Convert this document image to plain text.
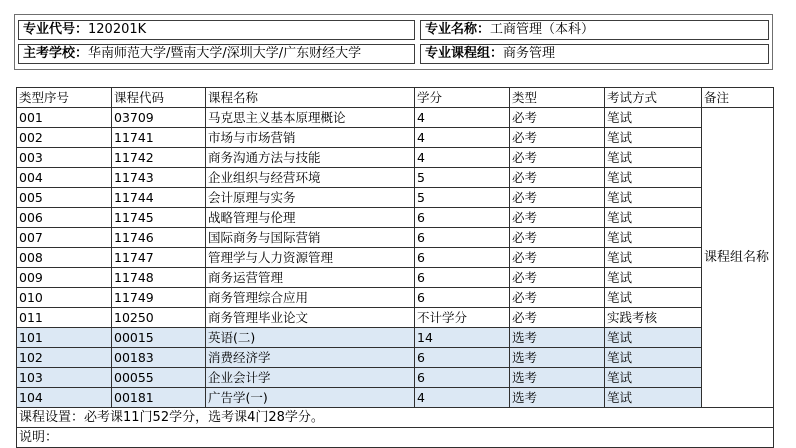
专业代号：120201K	专业名称：工商管理（本科）
主考学校：华南师范大学/暨南大学/深圳大学/广东财经大学	专业课程组：商务管理
类型序号	课程代码	课程名称	学分	类型	考试方式	备注
001	03709	马克思主义基本原理概论	4	必考	笔试	课程组名称
002	11741	市场与市场营销	4	必考	笔试	
003	11742	商务沟通方法与技能	4	必考	笔试	
004	11743	企业组织与经营环境	5	必考	笔试	
005	11744	会计原理与实务	5	必考	笔试	
006	11745	战略管理与伦理	6	必考	笔试	
007	11746	国际商务与国际营销	6	必考	笔试	
008	11747	管理学与人力资源管理	6	必考	笔试	
009	11748	商务运营管理	6	必考	笔试	
010	11749	商务管理综合应用	6	必考	笔试	
011	10250	商务管理毕业论文	不计学分	必考	实践考核	
101	00015	英语(二)	14	选考	笔试	
102	00183	消费经济学	6	选考	笔试	
103	00055	企业会计学	6	选考	笔试	
104	00181	广告学(一)	4	选考	笔试	
课程设置：必考课11门52学分，选考课4门28学分。						
说明：						
